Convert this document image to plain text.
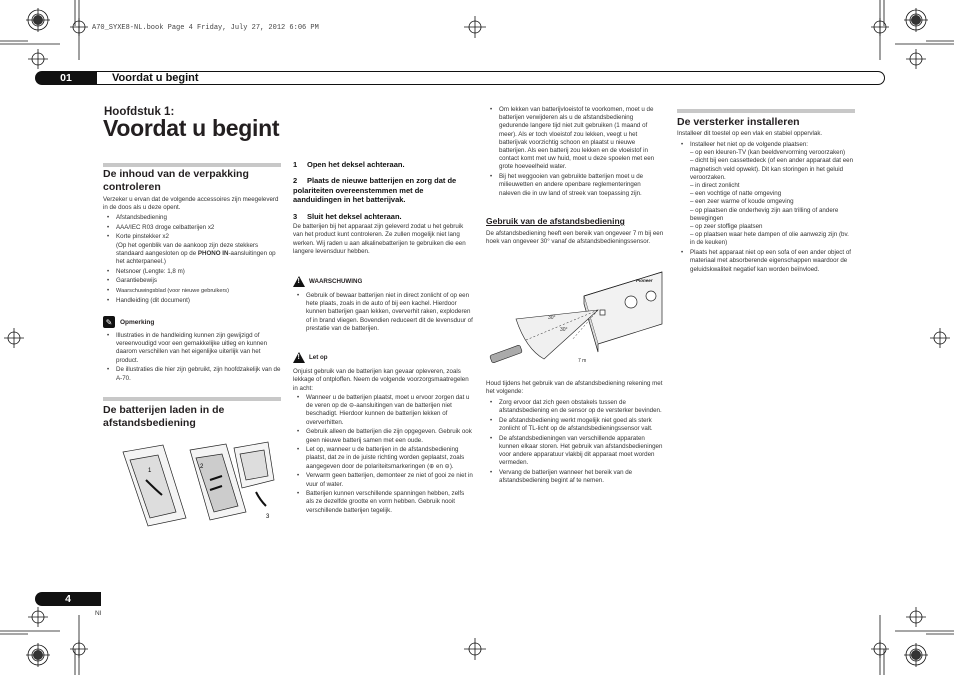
A70_SYXE8-NL.book Page 4 Friday, July 27, 2012 6:06 PM
01	Voordat u begint
Hoofdstuk 1:
Voordat u begint
De inhoud van de verpakking controleren
Verzeker u ervan dat de volgende accessoires zijn meegeleverd in de doos als u deze opent.
• Afstandsbediening
• AAA/IEC R03 droge celbatterijen x2
• Korte pinstekker x2
(Op het ogenblik van de aankoop zijn deze stekkers standaard aangesloten op de PHONO IN-aansluitingen op het achterpaneel.)
• Netsnoer (Lengte: 1,8 m)
• Garantiebewijs
• Waarschuwingsblad (voor nieuwe gebruikers)
• Handleiding (dit document)
✎	Opmerking
• Illustraties in de handleiding kunnen zijn gewijzigd of vereenvoudigd voor een gemakkelijke uitleg en kunnen daarom verschillen van het eigenlijke uiterlijk van het product.
• De illustraties die hier zijn gebruikt, zijn hoofdzakelijk van de A-70.
De batterijen laden in de afstandsbediening
1
2
3
1 Open het deksel achteraan.
2 Plaats de nieuwe batterijen en zorg dat de polariteiten overeenstemmen met de aanduidingen in het batterijvak.
3 Sluit het deksel achteraan.
De batterijen bij het apparaat zijn geleverd zodat u het gebruik van het product kunt controleren. Ze zullen mogelijk niet lang werken. Wij raden u aan alkalinebatterijen te gebruiken die een langere levensduur hebben.
!
WAARSCHUWING
• Gebruik of bewaar batterijen niet in direct zonlicht of op een hete plaats, zoals in de auto of bij een kachel. Hierdoor kunnen batterijen gaan lekken, oververhit raken, exploderen of in brand vliegen. Bovendien reduceert dit de levensduur of prestatie van de batterijen.
!
Let op
Onjuist gebruik van de batterijen kan gevaar opleveren, zoals lekkage of ontploffen. Neem de volgende voorzorgsmaatregelen in acht:
• Wanneer u de batterijen plaatst, moet u ervoor zorgen dat u de veren op de ⊖-aansluitingen van de batterijen niet beschadigt. Hierdoor kunnen de batterijen lekken of oververhitten.
• Gebruik alleen de batterijen die zijn opgegeven. Gebruik ook geen nieuwe batterij samen met een oude.
• Let op, wanneer u de batterijen in de afstandsbediening plaatst, dat ze in de juiste richting worden geplaatst, zoals aangegeven door de polariteitsmarkeringen (⊕ en ⊖).
• Verwarm geen batterijen, demonteer ze niet of gooi ze niet in vuur of water.
• Batterijen kunnen verschillende spanningen hebben, zelfs als ze dezelfde grootte en vorm hebben. Gebruik nooit verschillende batterijen tegelijk.
• Om lekken van batterijvloeistof te voorkomen, moet u de batterijen verwijderen als u de afstandsbediening gedurende langere tijd niet zult gebruiken (1 maand of meer). Als er toch vloeistof zou lekken, veegt u het batterijvak voorzichtig schoon en plaatst u nieuwe batterijen. Als een batterij zou lekken en de vloeistof in contact komt met uw huid, moet u deze spoelen met een grote hoeveelheid water.
• Bij het weggooien van gebruikte batterijen moet u de milieuwetten en andere openbare reglementeringen naleven die in uw land of streek van toepassing zijn.
Gebruik van de afstandsbediening
De afstandsbediening heeft een bereik van ongeveer 7 m bij een hoek van ongeveer 30° vanaf de afstandsbedieningssensor.
Pioneer
30°
30°
7 m
Houd tijdens het gebruik van de afstandsbediening rekening met het volgende:
• Zorg ervoor dat zich geen obstakels tussen de afstandsbediening en de sensor op de versterker bevinden.
• De afstandsbediening werkt mogelijk niet goed als sterk zonlicht of TL-licht op de afstandsbedieningssensor valt.
• De afstandsbedieningen van verschillende apparaten kunnen elkaar storen. Het gebruik van afstandsbedieningen voor andere apparatuur vlakbij dit apparaat moet worden vermeden.
• Vervang de batterijen wanneer het bereik van de afstandsbediening begint af te nemen.
De versterker installeren
Installeer dit toestel op een vlak en stabiel oppervlak.
• Installeer het niet op de volgende plaatsen:
– op een kleuren-TV (kan beeldvervorming veroorzaken)
– dicht bij een cassettedeck (of een ander apparaat dat een magnetisch veld opwekt). Dit kan storingen in het geluid veroorzaken.
– in direct zonlicht
– een vochtige of natte omgeving
– een zeer warme of koude omgeving
– op plaatsen die onderhevig zijn aan trilling of andere bewegingen
– op zeer stoffige plaatsen
– op plaatsen waar hete dampen of olie aanwezig zijn (bv. in de keuken)
• Plaats het apparaat niet op een sofa of een ander object of materiaal met absorberende eigenschappen waardoor de geluidskwaliteit negatief kan worden beïnvloed.
4
Nl
